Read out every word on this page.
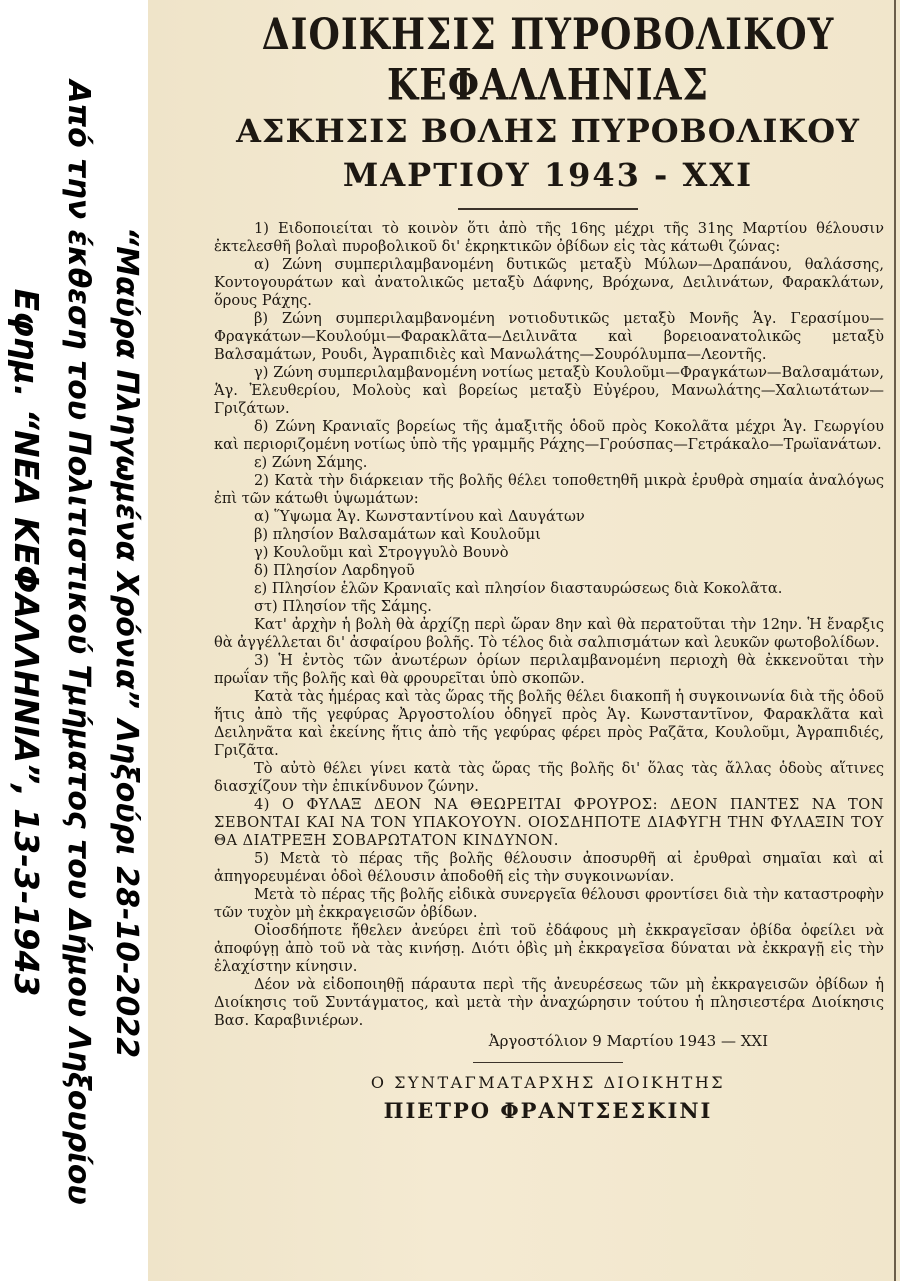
Εφημ. “ΝΕΑ ΚΕΦΑΛΛΗΝΙΑ”, 13-3-1943 Από την έκθεση του Πολιτιστικού Τμήματος του Δήμου Ληξουρίου “Μαύρα Πληγωμένα Χρόνια” Ληξούρι 28-10-2022
ΔΙΟΙΚΗΣΙΣ ΠΥΡΟΒΟΛΙΚΟΥ ΚΕΦΑΛΛΗΝΙΑΣ
ΑΣΚΗΣΙΣ ΒΟΛΗΣ ΠΥΡΟΒΟΛΙΚΟΥ
ΜΑΡΤΙΟΥ 1943 - XXI

1) Ειδοποιείται τὸ κοινὸν ὅτι ἀπὸ τῆς 16ης μέχρι τῆς 31ης Μαρτίου θέλουσιν ἐκτελεσθῆ βολαὶ πυροβολικοῦ δι' ἐκρηκτικῶν ὀβίδων εἰς τὰς κάτωθι ζώνας:

α) Ζώνη συμπεριλαμβανομένη δυτικῶς μεταξὺ Μύλων—Δραπάνου, θαλάσσης, Κοντογουράτων καὶ ἀνατολικῶς μεταξὺ Δάφνης, Βρόχωνα, Δειλινάτων, Φαρακλάτων, ὅρους Ράχης.

β) Ζώνη συμπεριλαμβανομένη νοτιοδυτικῶς μεταξὺ Μονῆς Ἁγ. Γερασίμου—Φραγκάτων—Κουλούμι—Φαρακλᾶτα—Δειλινᾶτα καὶ βορειοανατολικῶς μεταξὺ Βαλσαμάτων, Ρουδι, Ἀγραπιδιὲς καὶ Μανωλάτης—Σουρόλυμπα—Λεοντῆς.

γ) Ζώνη συμπεριλαμβανομένη νοτίως μεταξὺ Κουλοῦμι—Φραγκάτων—Βαλσαμάτων, Ἁγ. Ἐλευθερίου, Μολοὺς καὶ βορείως μεταξὺ Εὐγέρου, Μανωλάτης—Χαλιωτάτων—Γριζάτων.

δ) Ζώνη Κρανιαῖς βορείως τῆς ἁμαξιτῆς ὁδοῦ πρὸς Κοκολᾶτα μέχρι Ἁγ. Γεωργίου καὶ περιοριζομένη νοτίως ὑπὸ τῆς γραμμῆς Ράχης—Γρούσπας—Γετράκαλο—Τρωϊανάτων.

ε) Ζώνη Σάμης.

2) Κατὰ τὴν διάρκειαν τῆς βολῆς θέλει τοποθετηθῆ μικρὰ ἐρυθρὰ σημαία ἀναλόγως ἐπὶ τῶν κάτωθι ὑψωμάτων:

α) Ὕψωμα Ἁγ. Κωνσταντίνου καὶ Δαυγάτων

β) πλησίον Βαλσαμάτων καὶ Κουλοῦμι

γ) Κουλοῦμι καὶ Στρογγυλὸ Βουνὸ

δ) Πλησίον Λαρδηγοῦ

ε) Πλησίον ἑλῶν Κρανιαῖς καὶ πλησίον διασταυρώσεως διὰ Κοκολᾶτα.

στ) Πλησίον τῆς Σάμης.

Κατ' ἀρχὴν ἡ βολὴ θὰ ἀρχίζῃ περὶ ὥραν 8ην καὶ θὰ περατοῦται τὴν 12ην. Ἡ ἔναρξις θὰ ἀγγέλλεται δι' ἀσφαίρου βολῆς. Τὸ τέλος διὰ σαλπισμάτων καὶ λευκῶν φωτοβολίδων.

3) Ἡ ἐντὸς τῶν ἀνωτέρων ὁρίων περιλαμβανομένη περιοχὴ θὰ ἐκκενοῦται τὴν πρωΐαν τῆς βολῆς καὶ θὰ φρουρεῖται ὑπὸ σκοπῶν.

Κατὰ τὰς ἡμέρας καὶ τὰς ὥρας τῆς βολῆς θέλει διακοπῆ ἡ συγκοινωνία διὰ τῆς ὁδοῦ ἥτις ἀπὸ τῆς γεφύρας Ἀργοστολίου ὁδηγεῖ πρὸς Ἁγ. Κωνσταντῖνον, Φαρακλᾶτα καὶ Δειληνᾶτα καὶ ἐκείνης ἥτις ἀπὸ τῆς γεφύρας φέρει πρὸς Ραζᾶτα, Κουλοῦμι, Ἀγραπιδιές, Γριζᾶτα.

Τὸ αὐτὸ θέλει γίνει κατὰ τὰς ὥρας τῆς βολῆς δι' ὅλας τὰς ἄλλας ὁδοὺς αἵτινες διασχίζουν τὴν ἐπικίνδυνον ζώνην.

4) Ο ΦΥΛΑΞ ΔΕΟΝ ΝΑ ΘΕΩΡΕΙΤΑΙ ΦΡΟΥΡΟΣ: ΔΕΟΝ ΠΑΝΤΕΣ ΝΑ ΤΟΝ ΣΕΒΟΝΤΑΙ ΚΑΙ ΝΑ ΤΟΝ ΥΠΑΚΟΥΟΥΝ. ΟΙΟΣΔΗΠΟΤΕ ΔΙΑΦΥΓΗ ΤΗΝ ΦΥΛΑΞΙΝ ΤΟΥ ΘΑ ΔΙΑΤΡΕΞΗ ΣΟΒΑΡΩΤΑΤΟΝ ΚΙΝΔΥΝΟΝ.

5) Μετὰ τὸ πέρας τῆς βολῆς θέλουσιν ἀποσυρθῆ αἱ ἐρυθραὶ σημαῖαι καὶ αἱ ἀπηγορευμέναι ὁδοὶ θέλουσιν ἀποδοθῆ εἰς τὴν συγκοινωνίαν.

Μετὰ τὸ πέρας τῆς βολῆς εἰδικὰ συνεργεῖα θέλουσι φροντίσει διὰ τὴν καταστροφὴν τῶν τυχὸν μὴ ἐκκραγεισῶν ὀβίδων.

Οἱοσδήποτε ἤθελεν ἀνεύρει ἐπὶ τοῦ ἐδάφους μὴ ἐκκραγεῖσαν ὀβίδα ὀφείλει νὰ ἀποφύγῃ ἀπὸ τοῦ νὰ τὰς κινήσῃ. Διότι ὀβὶς μὴ ἐκκραγεῖσα δύναται νὰ ἐκκραγῇ εἰς τὴν ἐλαχίστην κίνησιν.

Δέον νὰ εἰδοποιηθῇ πάραυτα περὶ τῆς ἀνευρέσεως τῶν μὴ ἐκκραγεισῶν ὀβίδων ἡ Διοίκησις τοῦ Συντάγματος, καὶ μετὰ τὴν ἀναχώρησιν τούτου ἡ πλησιεστέρα Διοίκησις Βασ. Καραβινιέρων.

Ἀργοστόλιον 9 Μαρτίου 1943 — XXI
Ο ΣΥΝΤΑΓΜΑΤΑΡΧΗΣ ΔΙΟΙΚΗΤΗΣ
ΠΙΕΤΡΟ ΦΡΑΝΤΣΕΣΚΙΝΙ
